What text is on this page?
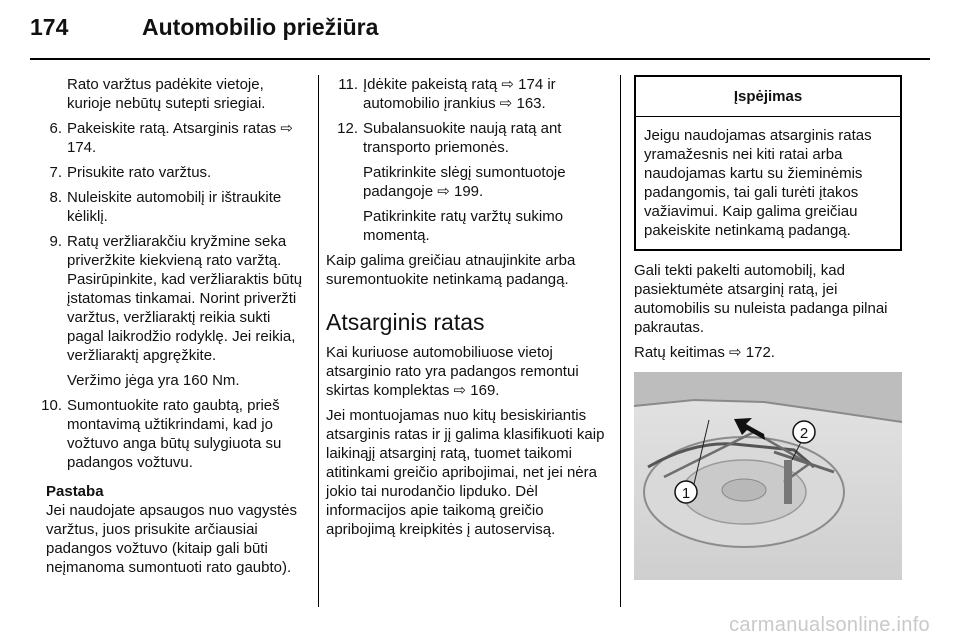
174	Automobilio priežiūra

Rato varžtus padėkite vietoje, kurioje nebūtų sutepti sriegiai.

6. Pakeiskite ratą. Atsarginis ratas ⇨ 174.
7. Prisukite rato varžtus.
8. Nuleiskite automobilį ir ištraukite kėliklį.
9. Ratų veržliarakčiu kryžmine seka priveržkite kiekvieną rato varžtą. Pasirūpinkite, kad veržliaraktis būtų įstatomas tinkamai. Norint priveržti varžtus, veržliaraktį reikia sukti pagal laikrodžio rodyklę. Jei reikia, veržliaraktį apgręžkite.

Veržimo jėga yra 160 Nm.

10. Sumontuokite rato gaubtą, prieš montavimą užtikrindami, kad jo vožtuvo anga būtų sulygiuota su padangos vožtuvu.
Pastaba
Jei naudojate apsaugos nuo vagystės varžtus, juos prisukite arčiausiai padangos vožtuvo (kitaip gali būti neįmanoma sumontuoti rato gaubto).
11. Įdėkite pakeistą ratą ⇨ 174 ir automobilio įrankius ⇨ 163.
12. Subalansuokite naują ratą ant transporto priemonės.

Patikrinkite slėgį sumontuotoje padangoje ⇨ 199.

Patikrinkite ratų varžtų sukimo momentą.

Kaip galima greičiau atnaujinkite arba suremontuokite netinkamą padangą.

Atsarginis ratas

Kai kuriuose automobiliuose vietoj atsarginio rato yra padangos remontui skirtas komplektas ⇨ 169.

Jei montuojamas nuo kitų besiskiriantis atsarginis ratas ir jį galima klasifikuoti kaip laikinąjį atsarginį ratą, tuomet taikomi atitinkami greičio apribojimai, net jei nėra jokio tai nurodančio lipduko. Dėl informacijos apie taikomą greičio apribojimą kreipkitės į autoservisą.

Įspėjimas
Jeigu naudojamas atsarginis ratas yramažesnis nei kiti ratai arba naudojamas kartu su žieminėmis padangomis, tai gali turėti įtakos važiavimui. Kaip galima greičiau pakeiskite netinkamą padangą.

Gali tekti pakelti automobilį, kad pasiektumėte atsarginį ratą, jei automobilis su nuleista padanga pilnai pakrautas.

Ratų keitimas ⇨ 172.

1
2
carmanualsonline.info
